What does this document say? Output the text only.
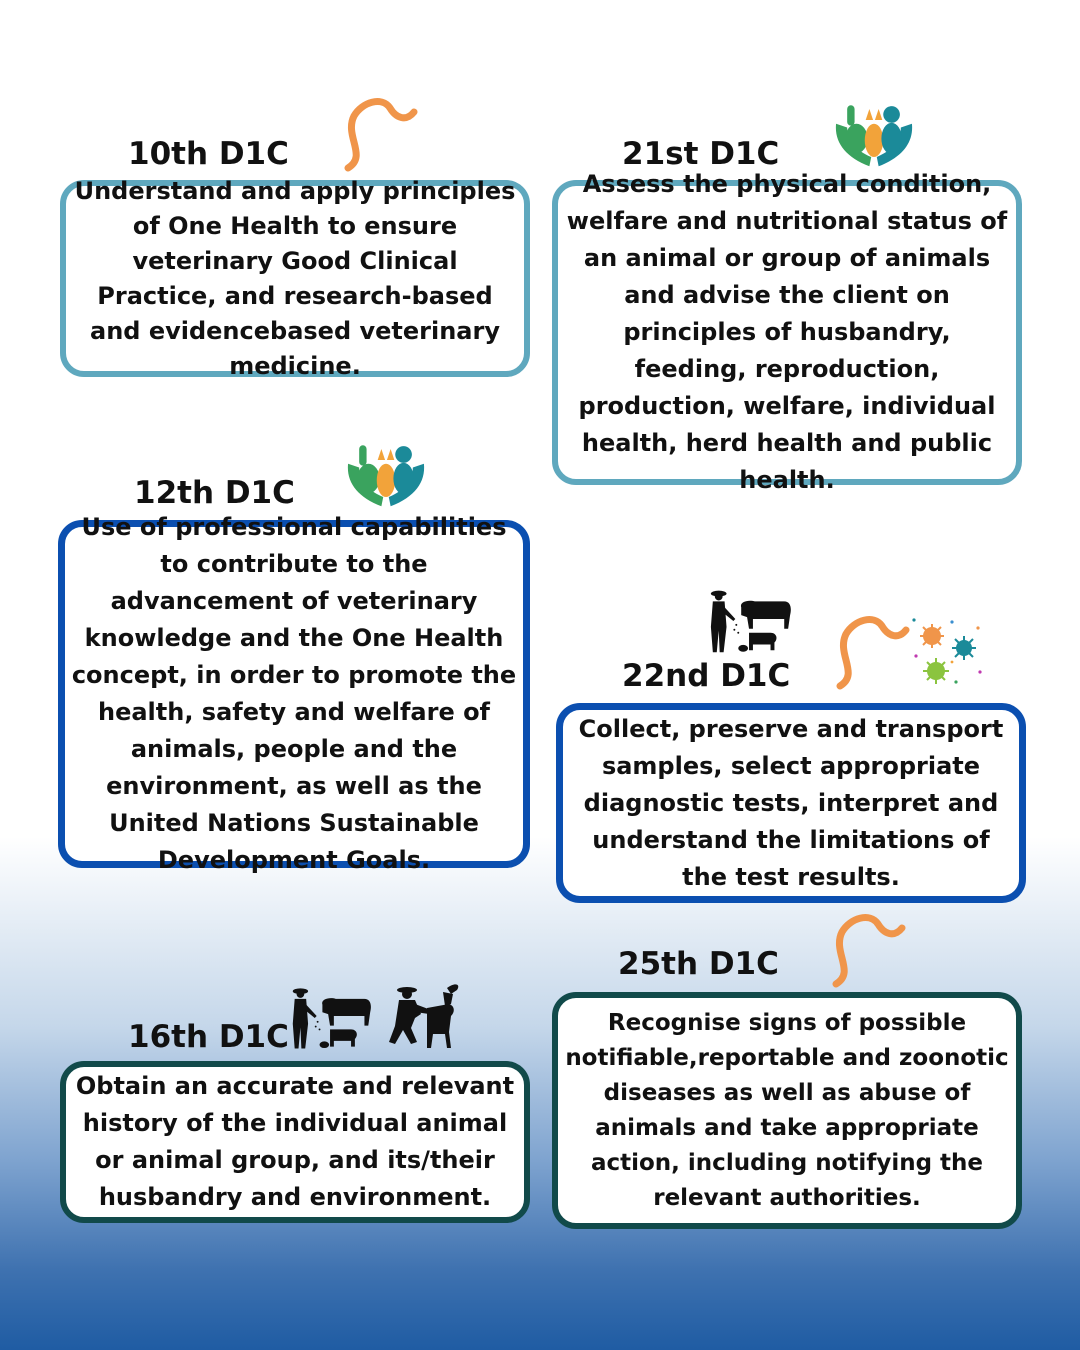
10th D1C

Understand and apply principles of One Health to ensure veterinary Good Clinical Practice, and research-based and evidencebased veterinary medicine.

21st D1C

Assess the physical condition, welfare and nutritional status of an animal or group of animals and advise the client on principles of husbandry, feeding, reproduction, production, welfare, individual health, herd health and public health.

12th D1C

Use of professional capabilities to contribute to the advancement of veterinary knowledge and the One Health concept, in order to promote the health, safety and welfare of animals, people and the environment, as well as the United Nations Sustainable Development Goals.

22nd D1C

Collect, preserve and transport samples, select appropriate diagnostic tests, interpret and understand the limitations of the test results.

25th D1C

Recognise signs of possible notifiable,reportable and zoonotic diseases as well as abuse of animals and take appropriate action, including notifying the relevant authorities.

16th D1C

Obtain an accurate and relevant history of the individual animal or animal group, and its/their husbandry and environment.
